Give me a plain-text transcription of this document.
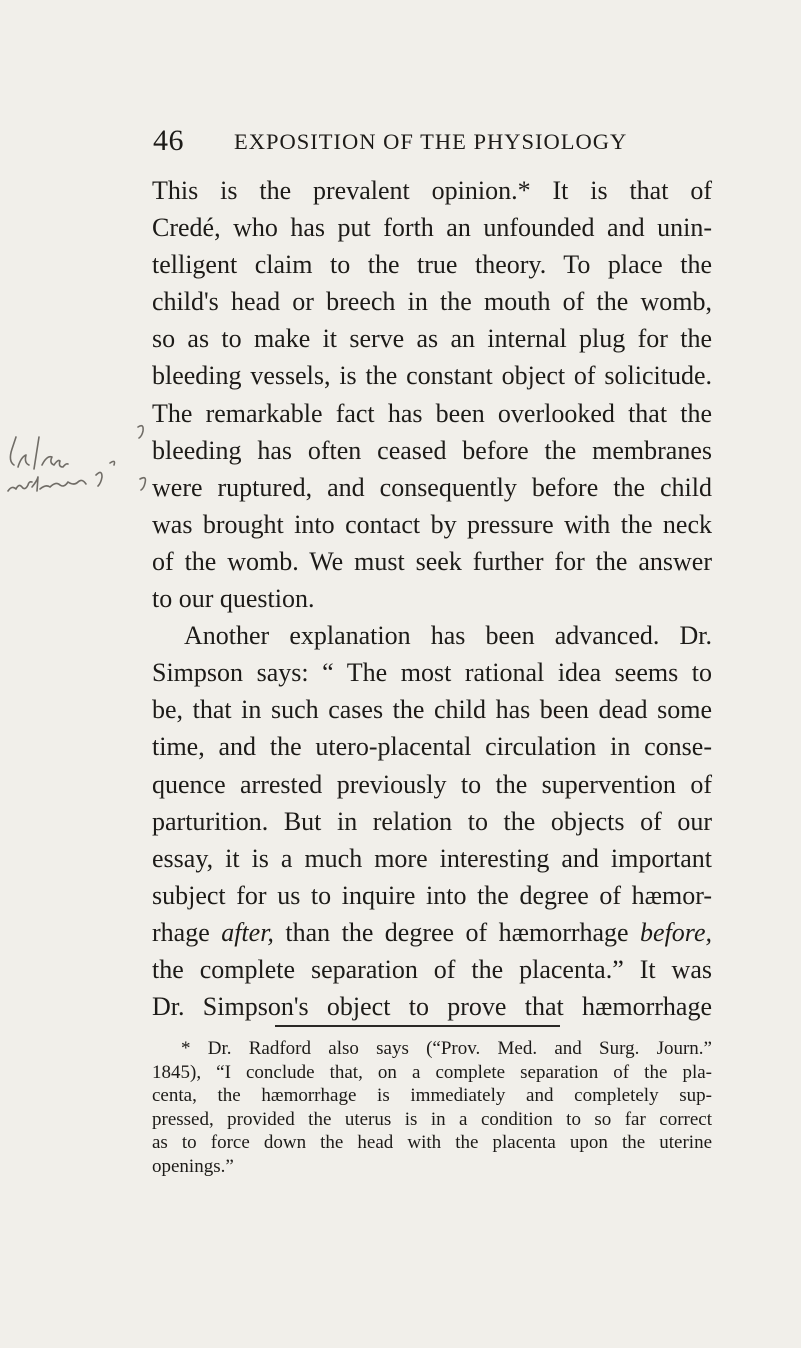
46 EXPOSITION OF THE PHYSIOLOGY
This is the prevalent opinion.* It is that of
Credé, who has put forth an unfounded and unin-
telligent claim to the true theory. To place the
child's head or breech in the mouth of the womb,
so as to make it serve as an internal plug for the
bleeding vessels, is the constant object of solicitude.
The remarkable fact has been overlooked that the
bleeding has often ceased before the membranes
were ruptured, and consequently before the child
was brought into contact by pressure with the neck
of the womb. We must seek further for the answer
to our question.
Another explanation has been advanced. Dr.
Simpson says: “ The most rational idea seems to
be, that in such cases the child has been dead some
time, and the utero-placental circulation in conse-
quence arrested previously to the supervention of
parturition. But in relation to the objects of our
essay, it is a much more interesting and important
subject for us to inquire into the degree of hæmor-
rhage after, than the degree of hæmorrhage before,
the complete separation of the placenta.” It was
Dr. Simpson's object to prove that hæmorrhage
* Dr. Radford also says (“Prov. Med. and Surg. Journ.”
1845), “I conclude that, on a complete separation of the pla-
centa, the hæmorrhage is immediately and completely sup-
pressed, provided the uterus is in a condition to so far correct
as to force down the head with the placenta upon the uterine
openings.”
